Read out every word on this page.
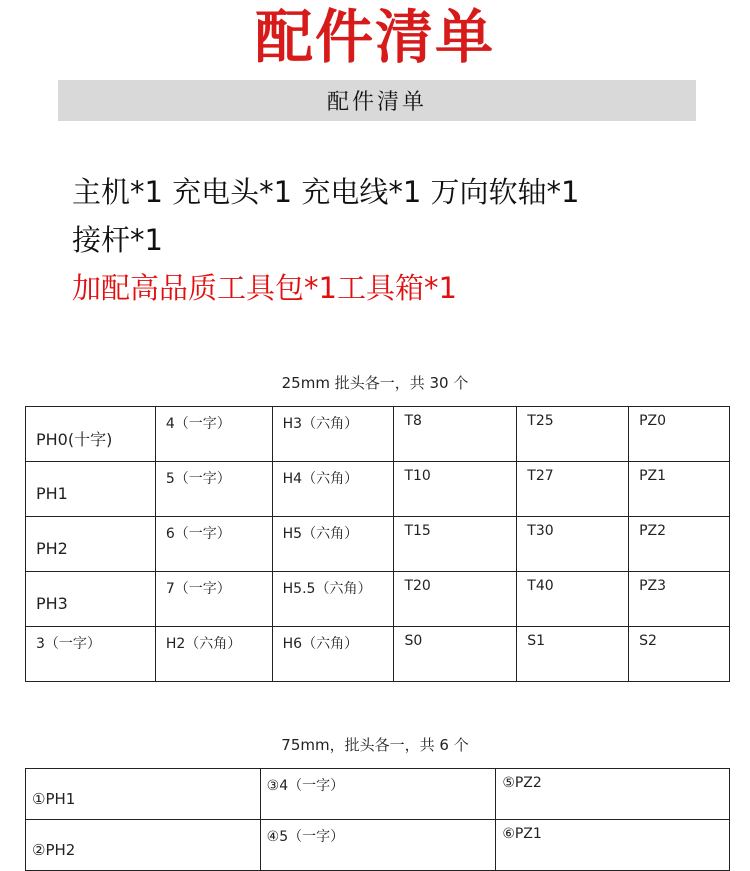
配件清单
配件清单
主机*1 充电头*1 充电线*1 万向软轴*1
接杆*1
加配高品质工具包*1工具箱*1
25mm 批头各一，共 30 个
PH0(十字)	4（一字）	H3（六角）	T8	T25	PZ0

PH1	5（一字）	H4（六角）	T10	T27	PZ1

PH2	6（一字）	H5（六角）	T15	T30	PZ2

PH3	7（一字）	H5.5（六角）	T20	T40	PZ3

3（一字）	H2（六角）	H6（六角）	S0	S1	S2
75mm，批头各一，共 6 个
①PH1	③4（一字）	⑤PZ2

②PH2	④5（一字）	⑥PZ1
